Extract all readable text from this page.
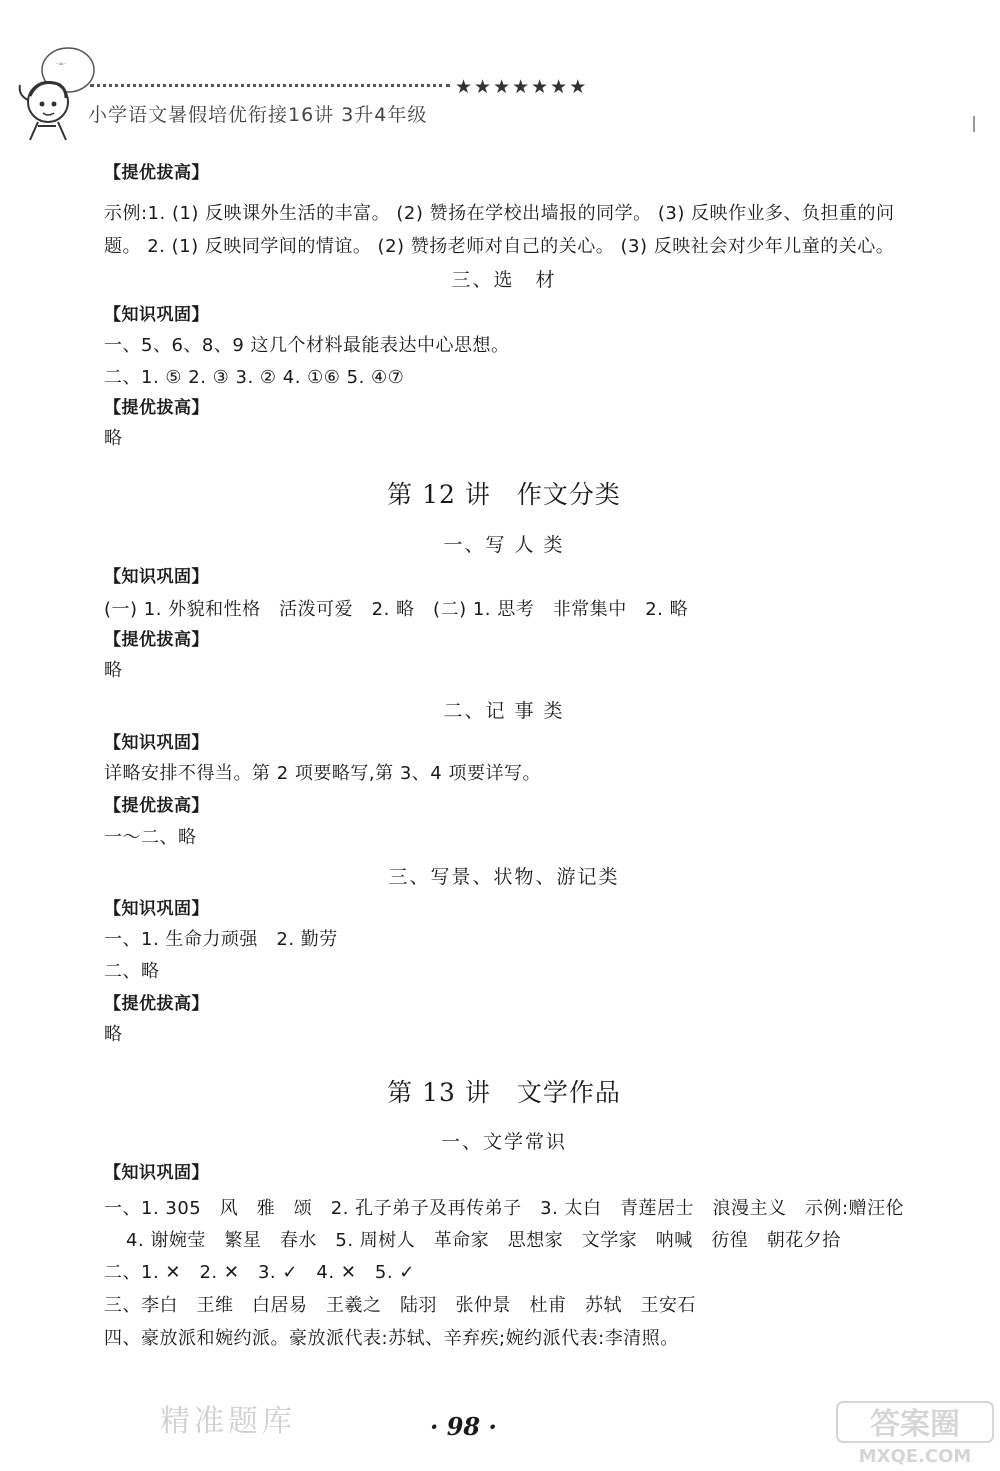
·∞·
★★★★★★★
小学语文暑假培优衔接16讲 3升4年级
【提优拔高】
示例:1. (1) 反映课外生活的丰富。 (2) 赞扬在学校出墙报的同学。 (3) 反映作业多、负担重的问
题。 2. (1) 反映同学间的情谊。 (2) 赞扬老师对自己的关心。 (3) 反映社会对少年儿童的关心。
三、选　材
【知识巩固】
一、5、6、8、9 这几个材料最能表达中心思想。
二、1. ⑤ 2. ③ 3. ② 4. ①⑥ 5. ④⑦
【提优拔高】
略
第 12 讲　作文分类
一、写 人 类
【知识巩固】
(一) 1. 外貌和性格　活泼可爱　2. 略　(二) 1. 思考　非常集中　2. 略
【提优拔高】
略
二、记 事 类
【知识巩固】
详略安排不得当。第 2 项要略写,第 3、4 项要详写。
【提优拔高】
一～二、略
三、写景、状物、游记类
【知识巩固】
一、1. 生命力顽强　2. 勤劳
二、略
【提优拔高】
略
第 13 讲　文学作品
一、文学常识
【知识巩固】
一、1. 305　风　雅　颂　2. 孔子弟子及再传弟子　3. 太白　青莲居士　浪漫主义　示例:赠汪伦
4. 谢婉莹　繁星　春水　5. 周树人　革命家　思想家　文学家　呐喊　彷徨　朝花夕拾
二、1. ✕　2. ✕　3. ✓　4. ✕　5. ✓
三、李白　王维　白居易　王羲之　陆羽　张仲景　杜甫　苏轼　王安石
四、豪放派和婉约派。豪放派代表:苏轼、辛弃疾;婉约派代表:李清照。
精准题库	· 98 ·	答案圈
MXQE.COM
